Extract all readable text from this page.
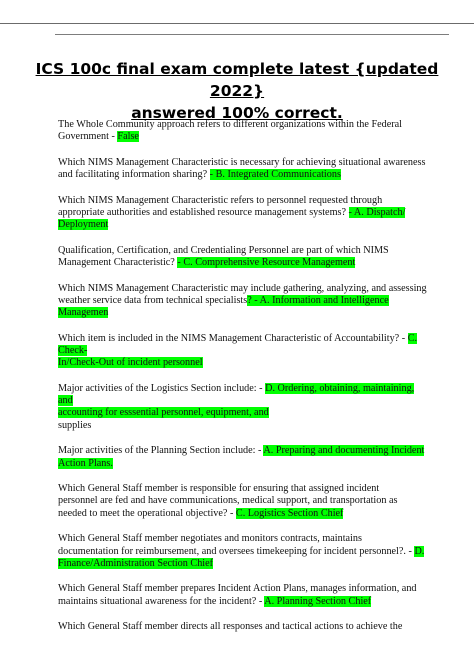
ICS 100c final exam complete latest {updated 2022}
answered 100% correct.
The Whole Community approach refers to different organizations within the Federal
Government - False
Which NIMS Management Characteristic is necessary for achieving situational awareness
and facilitating information sharing? - B. Integrated Communications
Which NIMS Management Characteristic refers to personnel requested through
appropriate authorities and established resource management systems? - A. Dispatch/
Deployment
Qualification, Certification, and Credentialing Personnel are part of which NIMS
Management Characteristic? - C. Comprehensive Resource Management
Which NIMS Management Characteristic may include gathering, analyzing, and assessing
weather service data from technical specialists? - A. Information and Intelligence Managemen
Which item is included in the NIMS Management Characteristic of Accountability? - C. Check-
In/Check-Out of incident personnel
Major activities of the Logistics Section include: - D. Ordering, obtaining, maintaining, and
accounting for esssential personnel, equipment, and
supplies
Major activities of the Planning Section include: - A. Preparing and documenting Incident
Action Plans.
Which General Staff member is responsible for ensuring that assigned incident
personnel are fed and have communications, medical support, and transportation as
needed to meet the operational objective? - C. Logistics Section Chief
Which General Staff member negotiates and monitors contracts, maintains
documentation for reimbursement, and oversees timekeeping for incident personnel?. - D.
Finance/Administration Section Chief
Which General Staff member prepares Incident Action Plans, manages information, and
maintains situational awareness for the incident? - A. Planning Section Chief
Which General Staff member directs all responses and tactical actions to achieve the
